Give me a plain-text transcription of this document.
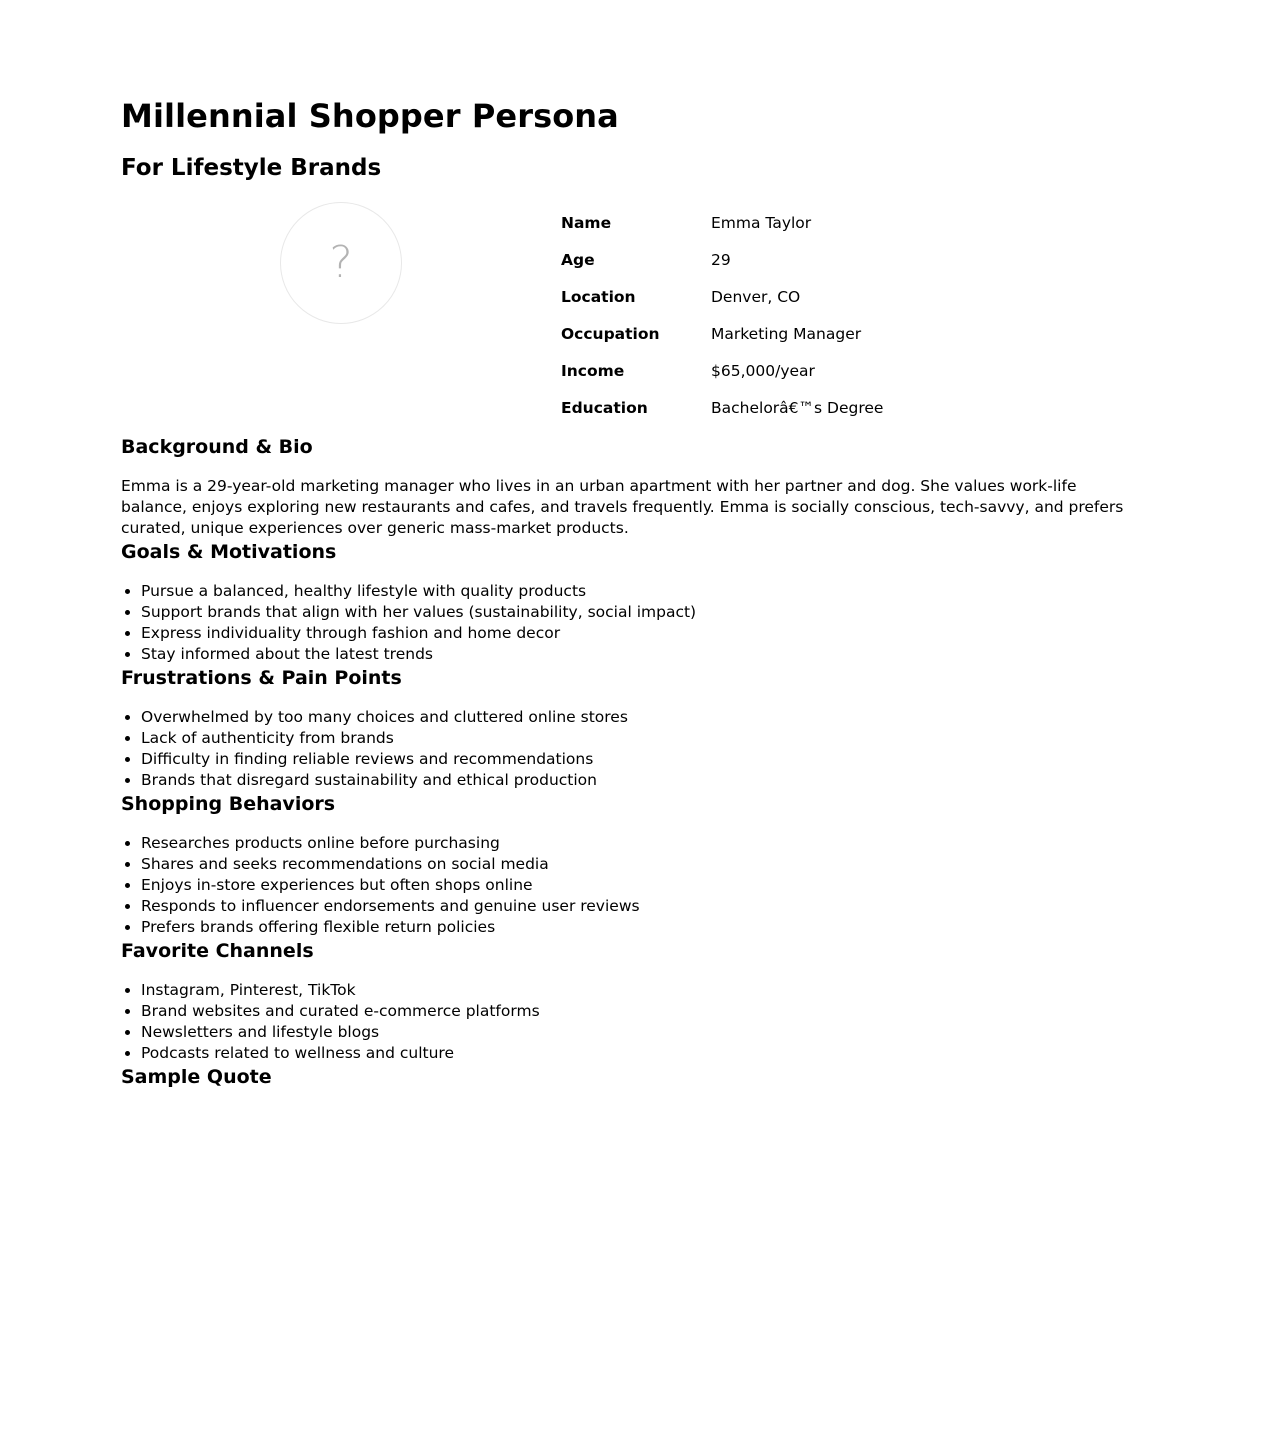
Millennial Shopper Persona
For Lifestyle Brands
?
Name	Emma Taylor
Age	29
Location	Denver, CO
Occupation	Marketing Manager
Income	$65,000/year
Education	Bachelorâ€™s Degree
Background & Bio

Emma is a 29-year-old marketing manager who lives in an urban apartment with her partner and dog. She values work-life balance, enjoys exploring new restaurants and cafes, and travels frequently. Emma is socially conscious, tech-savvy, and prefers curated, unique experiences over generic mass-market products.

Goals & Motivations
• Pursue a balanced, healthy lifestyle with quality products
• Support brands that align with her values (sustainability, social impact)
• Express individuality through fashion and home decor
• Stay informed about the latest trends
Frustrations & Pain Points
• Overwhelmed by too many choices and cluttered online stores
• Lack of authenticity from brands
• Difficulty in finding reliable reviews and recommendations
• Brands that disregard sustainability and ethical production
Shopping Behaviors
• Researches products online before purchasing
• Shares and seeks recommendations on social media
• Enjoys in-store experiences but often shops online
• Responds to influencer endorsements and genuine user reviews
• Prefers brands offering flexible return policies
Favorite Channels
• Instagram, Pinterest, TikTok
• Brand websites and curated e-commerce platforms
• Newsletters and lifestyle blogs
• Podcasts related to wellness and culture
Sample Quote
